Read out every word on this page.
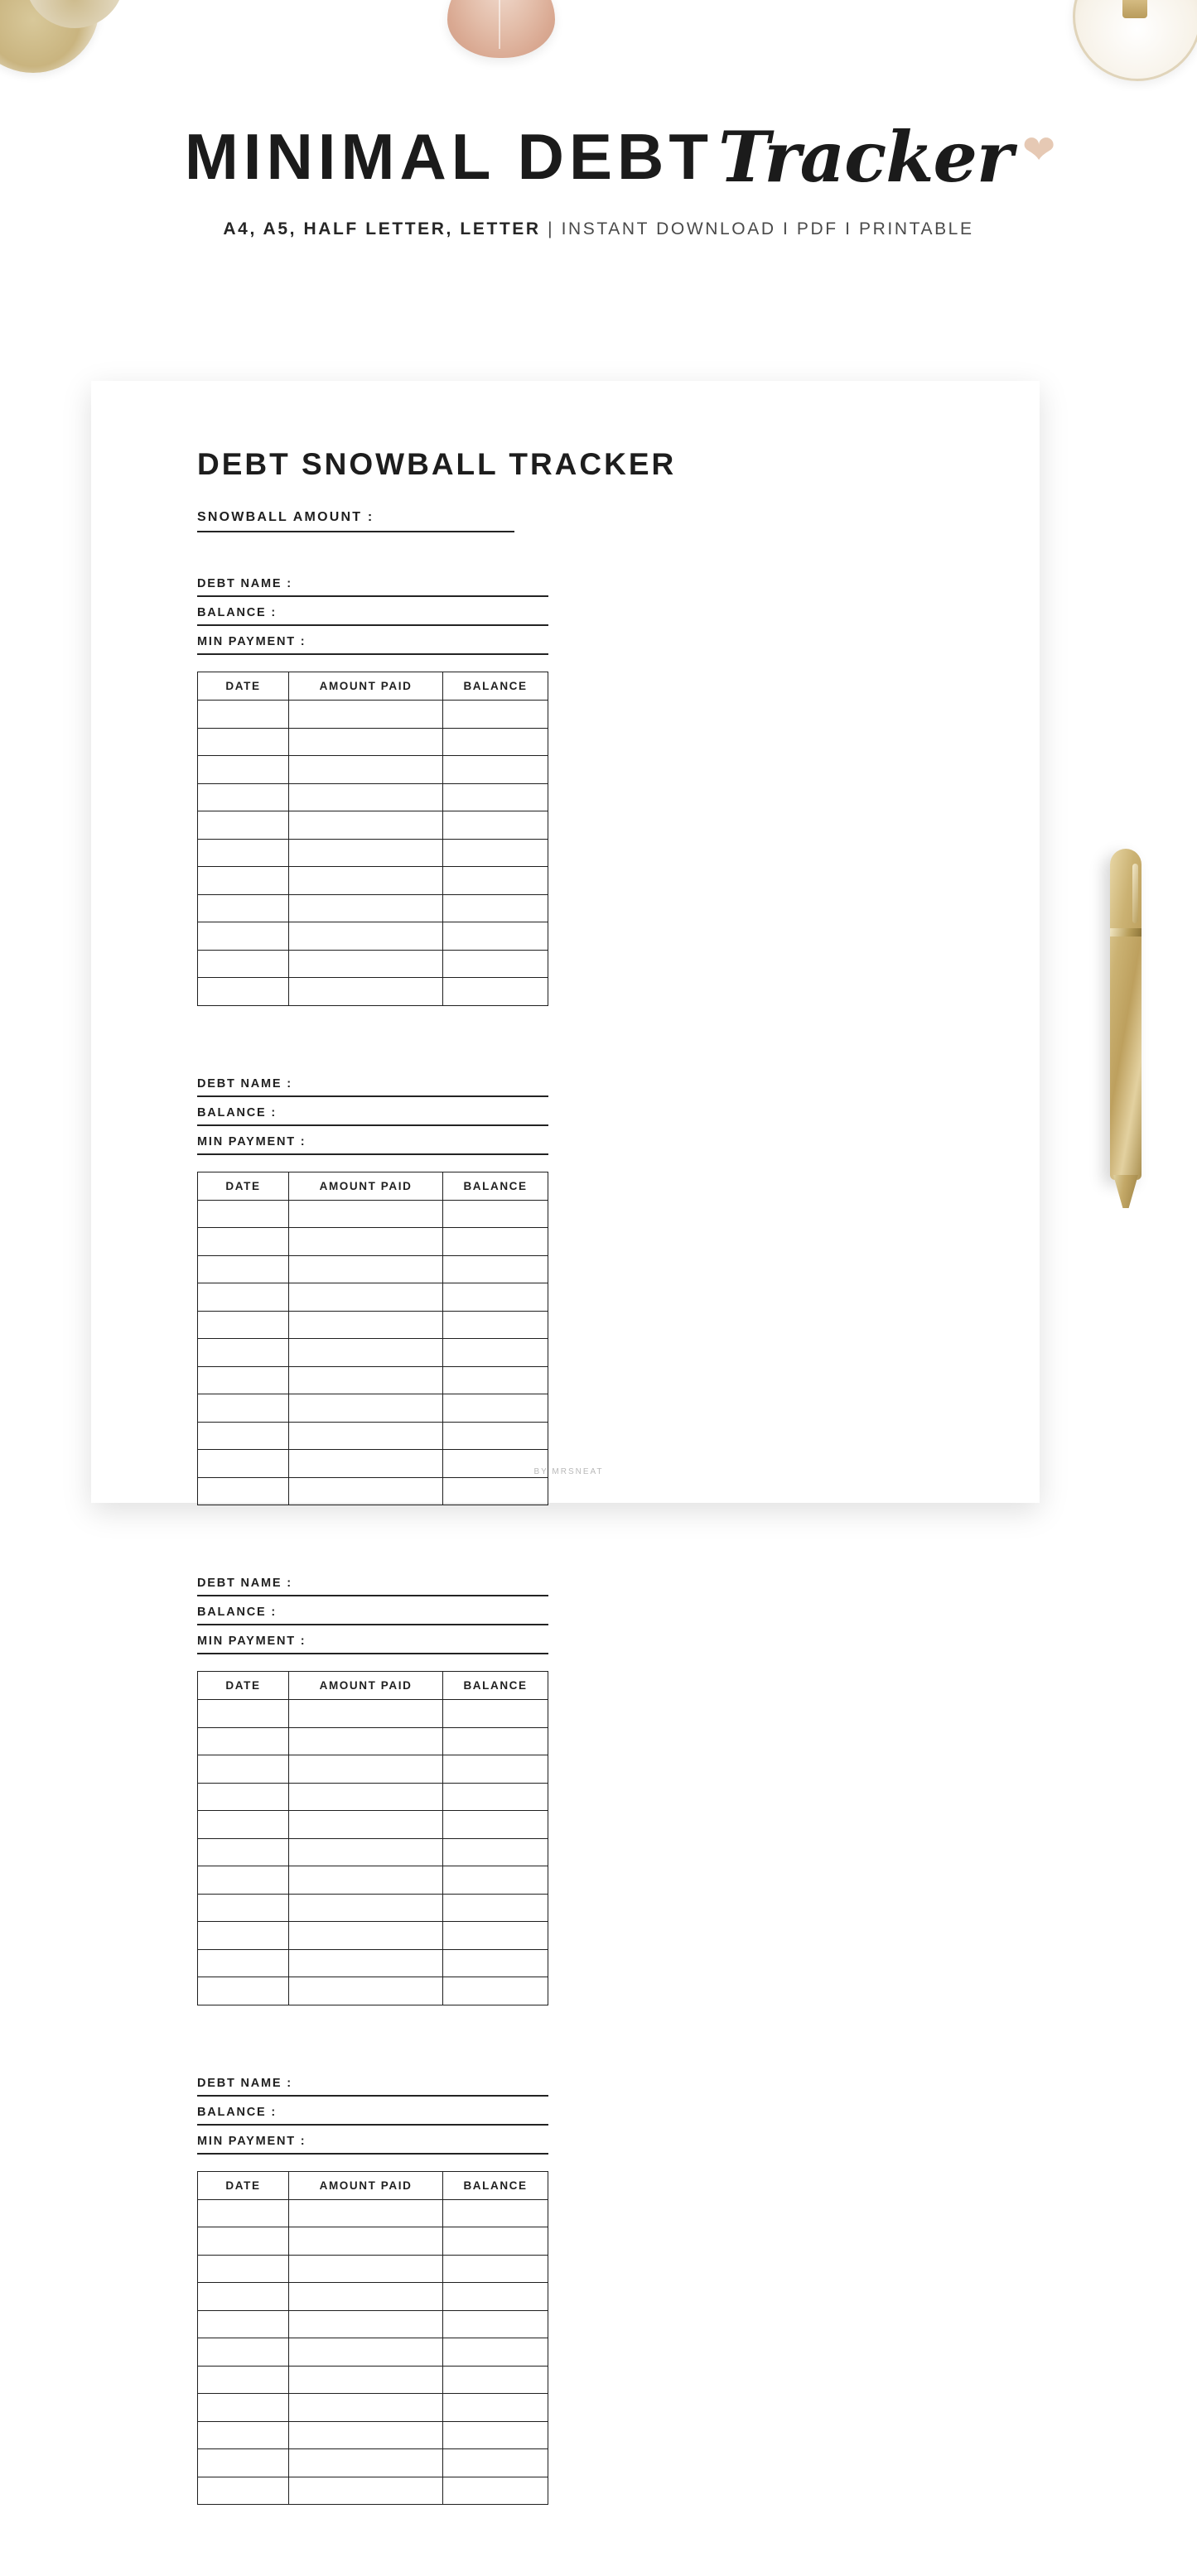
MINIMAL DEBTTracker ❤
A4, A5, HALF LETTER, LETTER | INSTANT DOWNLOAD I PDF I PRINTABLE
DEBT SNOWBALL TRACKER
SNOWBALL AMOUNT :
DEBT NAME :
BALANCE :
MIN PAYMENT :
DATE	AMOUNT PAID	BALANCE

DEBT NAME :
BALANCE :
MIN PAYMENT :
DATE	AMOUNT PAID	BALANCE

DEBT NAME :
BALANCE :
MIN PAYMENT :
DATE	AMOUNT PAID	BALANCE

DEBT NAME :
BALANCE :
MIN PAYMENT :
DATE	AMOUNT PAID	BALANCE

BY MRSNEAT
